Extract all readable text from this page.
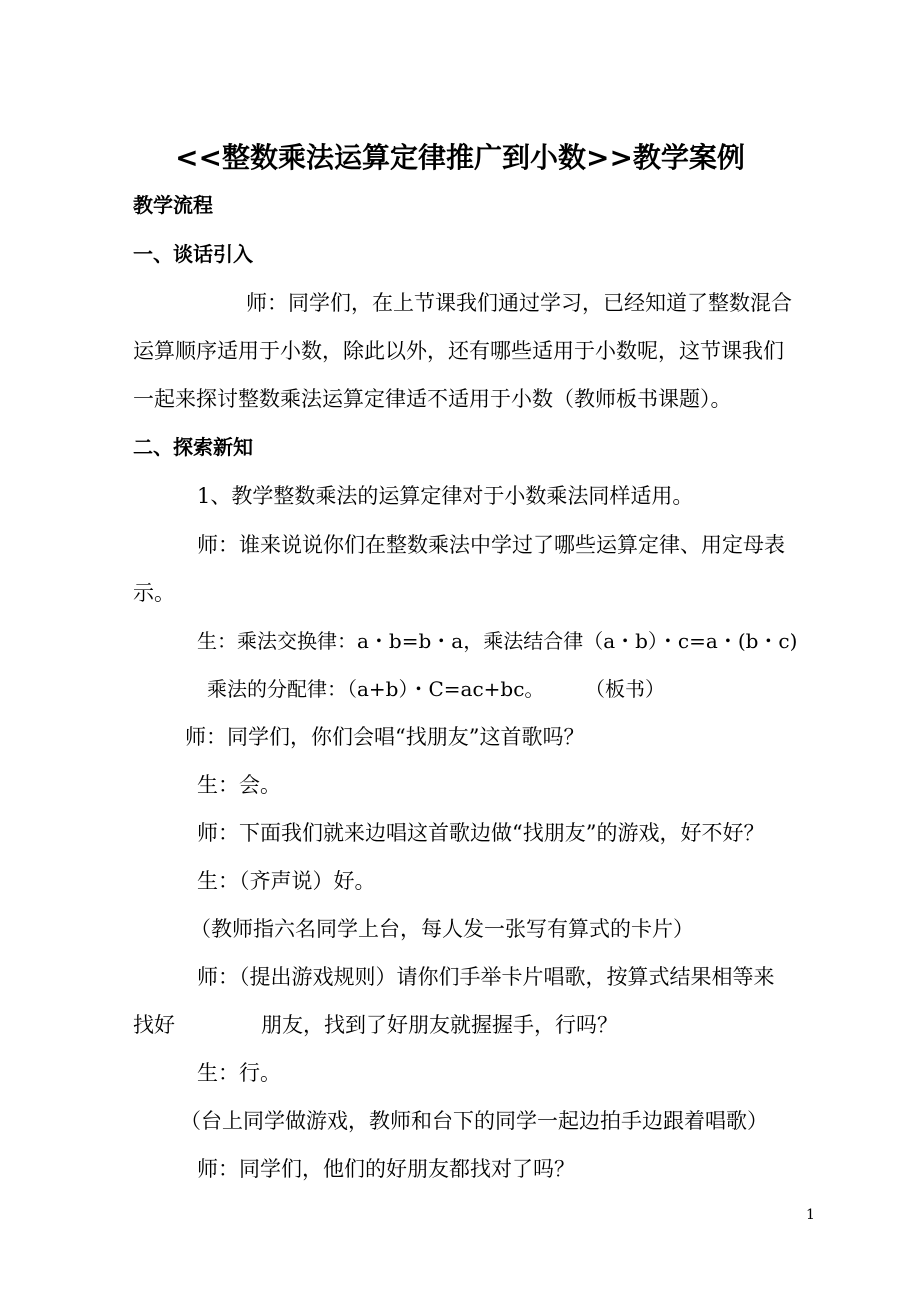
<<整数乘法运算定律推广到小数>>教学案例
教学流程
一、谈话引入
师：同学们，在上节课我们通过学习，已经知道了整数混合
运算顺序适用于小数，除此以外，还有哪些适用于小数呢，这节课我们
一起来探讨整数乘法运算定律适不适用于小数（教师板书课题）。
二、探索新知
1、教学整数乘法的运算定律对于小数乘法同样适用。
师：谁来说说你们在整数乘法中学过了哪些运算定律、用定母表
示。
生：乘法交换律：a・b=b・a，乘法结合律（a・b）・c=a・(b・c)
乘法的分配律：（a+b）・C=ac+bc。 （板书）
师：同学们，你们会唱“找朋友”这首歌吗？
生：会。
师：下面我们就来边唱这首歌边做“找朋友”的游戏，好不好？
生：（齐声说）好。
（教师指六名同学上台，每人发一张写有算式的卡片）
师：（提出游戏规则）请你们手举卡片唱歌，按算式结果相等来
找好	朋友，找到了好朋友就握握手，行吗？
生：行。
（台上同学做游戏，教师和台下的同学一起边拍手边跟着唱歌）
师：同学们，他们的好朋友都找对了吗？
1
